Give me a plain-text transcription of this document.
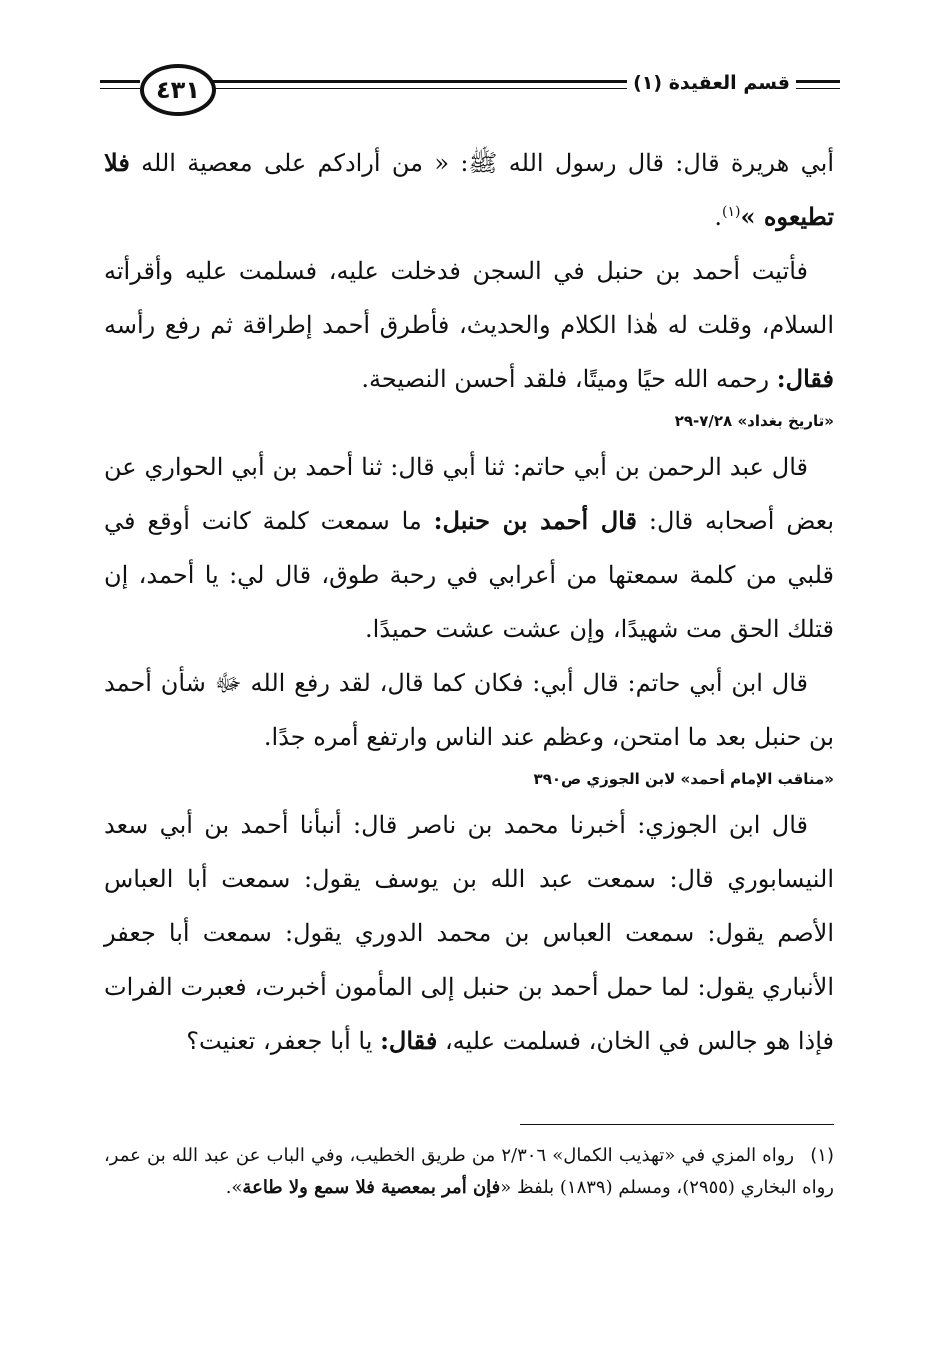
قسم العقيدة (١)
٤٣١

أبي هريرة قال: قال رسول الله ﷺ: « من أرادكم على معصية الله فلا تطيعوه »$^{(١)}$.

فأتيت أحمد بن حنبل في السجن فدخلت عليه، فسلمت عليه وأقرأته السلام، وقلت له هٰذا الكلام والحديث، فأطرق أحمد إطراقة ثم رفع رأسه فقال: رحمه الله حيًا وميتًا، فلقد أحسن النصيحة.

«تاريخ بغداد» ٧/٢٨-٢٩

قال عبد الرحمن بن أبي حاتم: ثنا أبي قال: ثنا أحمد بن أبي الحواري عن بعض أصحابه قال: قال أحمد بن حنبل: ما سمعت كلمة كانت أوقع في قلبي من كلمة سمعتها من أعرابي في رحبة طوق، قال لي: يا أحمد، إن قتلك الحق مت شهيدًا، وإن عشت عشت حميدًا.

قال ابن أبي حاتم: قال أبي: فكان كما قال، لقد رفع الله ﷻ شأن أحمد بن حنبل بعد ما امتحن، وعظم عند الناس وارتفع أمره جدًا.

«مناقب الإمام أحمد» لابن الجوزي ص٣٩٠

قال ابن الجوزي: أخبرنا محمد بن ناصر قال: أنبأنا أحمد بن أبي سعد النيسابوري قال: سمعت عبد الله بن يوسف يقول: سمعت أبا العباس الأصم يقول: سمعت العباس بن محمد الدوري يقول: سمعت أبا جعفر الأنباري يقول: لما حمل أحمد بن حنبل إلى المأمون أخبرت، فعبرت الفرات فإذا هو جالس في الخان، فسلمت عليه، فقال: يا أبا جعفر، تعنيت؟

(١) رواه المزي في «تهذيب الكمال» ٢/٣٠٦ من طريق الخطيب، وفي الباب عن عبد الله بن عمر، رواه البخاري (٢٩٥٥)، ومسلم (١٨٣٩) بلفظ «فإن أمر بمعصية فلا سمع ولا طاعة».
